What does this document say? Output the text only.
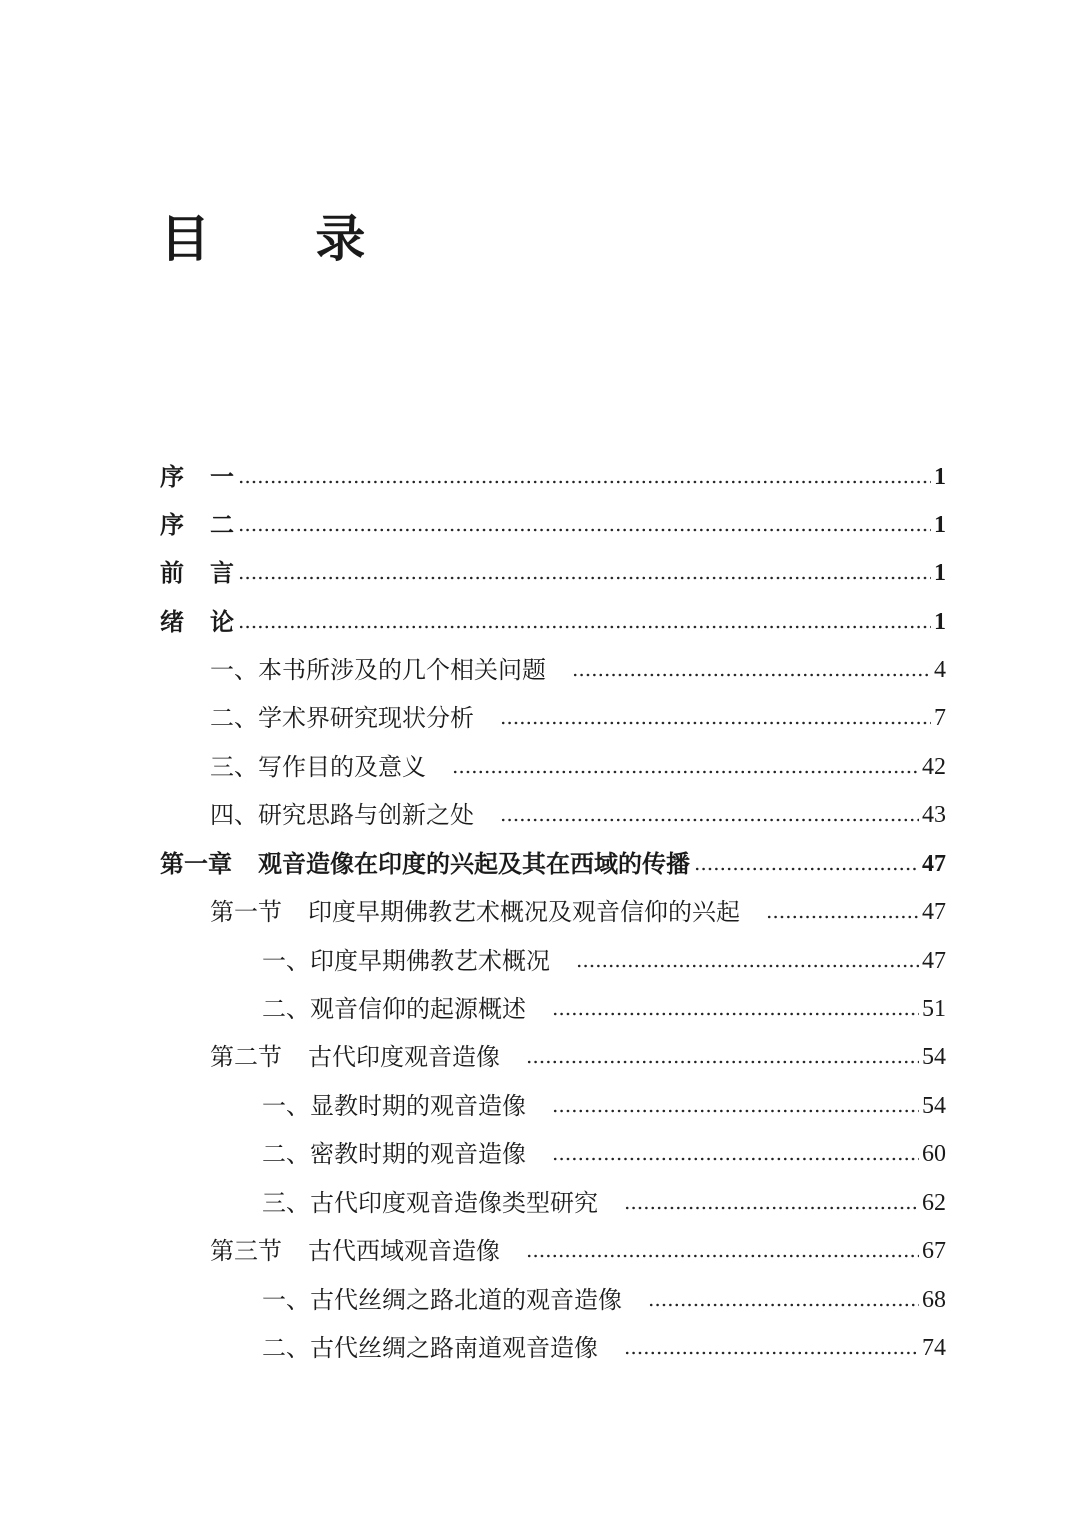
目 录
序一	1
序二	1
前言	1
绪论	1
一、本书所涉及的几个相关问题	4
二、学术界研究现状分析	7
三、写作目的及意义	42
四、研究思路与创新之处	43
第一章 观音造像在印度的兴起及其在西域的传播	47
第一节 印度早期佛教艺术概况及观音信仰的兴起	47
一、印度早期佛教艺术概况	47
二、观音信仰的起源概述	51
第二节 古代印度观音造像	54
一、显教时期的观音造像	54
二、密教时期的观音造像	60
三、古代印度观音造像类型研究	62
第三节 古代西域观音造像	67
一、古代丝绸之路北道的观音造像	68
二、古代丝绸之路南道观音造像	74
